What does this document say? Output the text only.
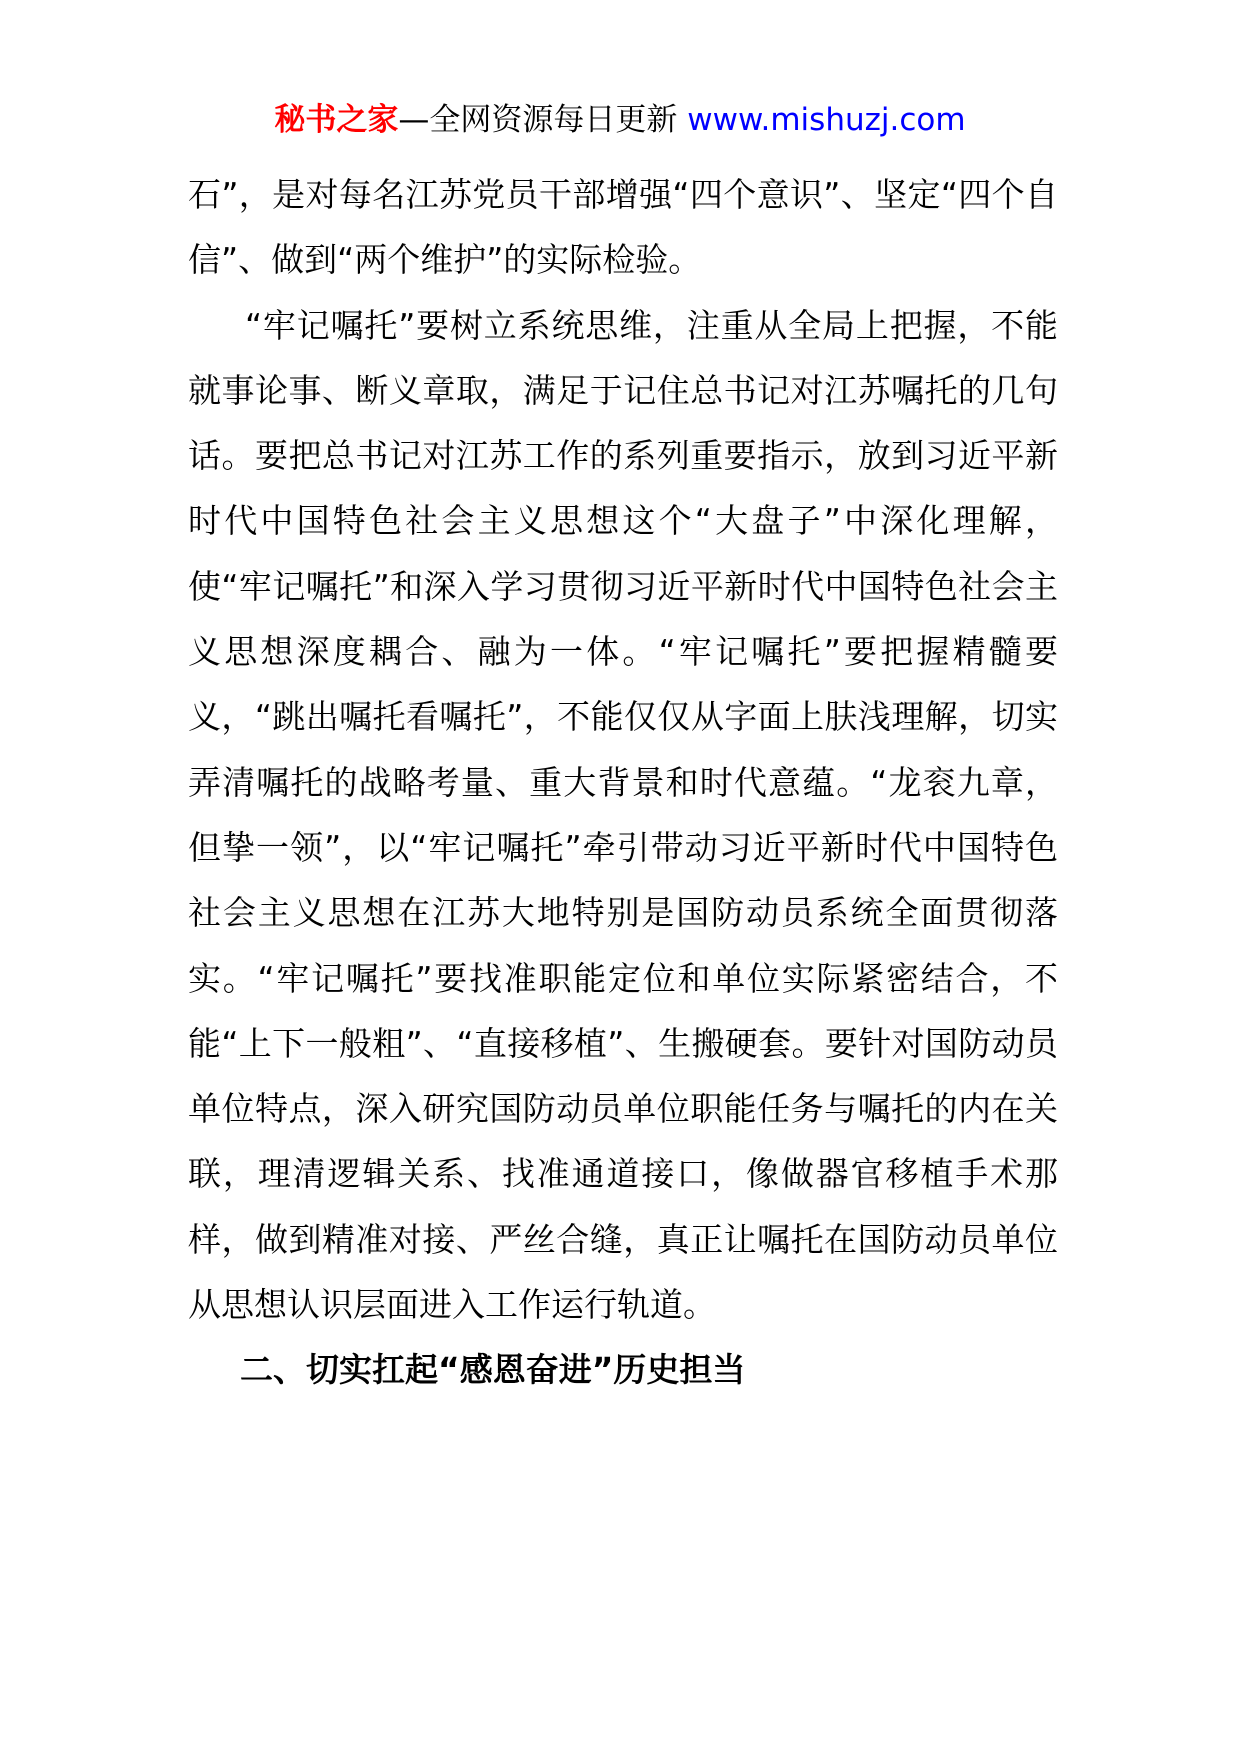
秘书之家—全网资源每日更新 www.mishuzj.com

石”，是对每名江苏党员干部增强“四个意识”、坚定“四个自信”、做到“两个维护”的实际检验。

“牢记嘱托”要树立系统思维，注重从全局上把握，不能就事论事、断义章取，满足于记住总书记对江苏嘱托的几句话。要把总书记对江苏工作的系列重要指示，放到习近平新时代中国特色社会主义思想这个“大盘子”中深化理解，使“牢记嘱托”和深入学习贯彻习近平新时代中国特色社会主义思想深度耦合、融为一体。“牢记嘱托”要把握精髓要义，“跳出嘱托看嘱托”，不能仅仅从字面上肤浅理解，切实弄清嘱托的战略考量、重大背景和时代意蕴。“龙衮九章，但挚一领”，以“牢记嘱托”牵引带动习近平新时代中国特色社会主义思想在江苏大地特别是国防动员系统全面贯彻落实。“牢记嘱托”要找准职能定位和单位实际紧密结合，不能“上下一般粗”、“直接移植”、生搬硬套。要针对国防动员单位特点，深入研究国防动员单位职能任务与嘱托的内在关联，理清逻辑关系、找准通道接口，像做器官移植手术那样，做到精准对接、严丝合缝，真正让嘱托在国防动员单位从思想认识层面进入工作运行轨道。

二、切实扛起“感恩奋进”历史担当
